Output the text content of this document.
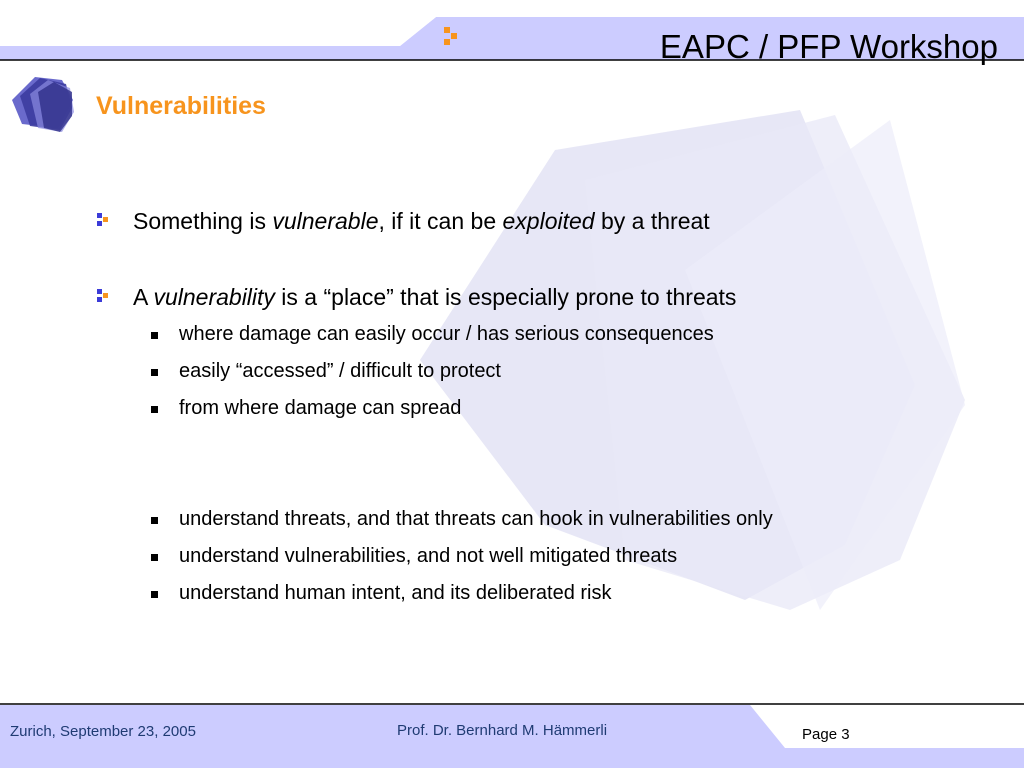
EAPC / PFP Workshop
Vulnerabilities
Something is vulnerable, if it can be exploited by a threat
A vulnerability is a “place” that is especially prone to threats
where damage can easily occur / has serious consequences
easily “accessed” / difficult to protect
from where damage can spread
understand threats, and that threats can hook in vulnerabilities only
understand vulnerabilities, and not well mitigated threats
understand human intent, and its deliberated risk
Zurich, September 23, 2005	Prof. Dr. Bernhard M. Hämmerli	Page 3
